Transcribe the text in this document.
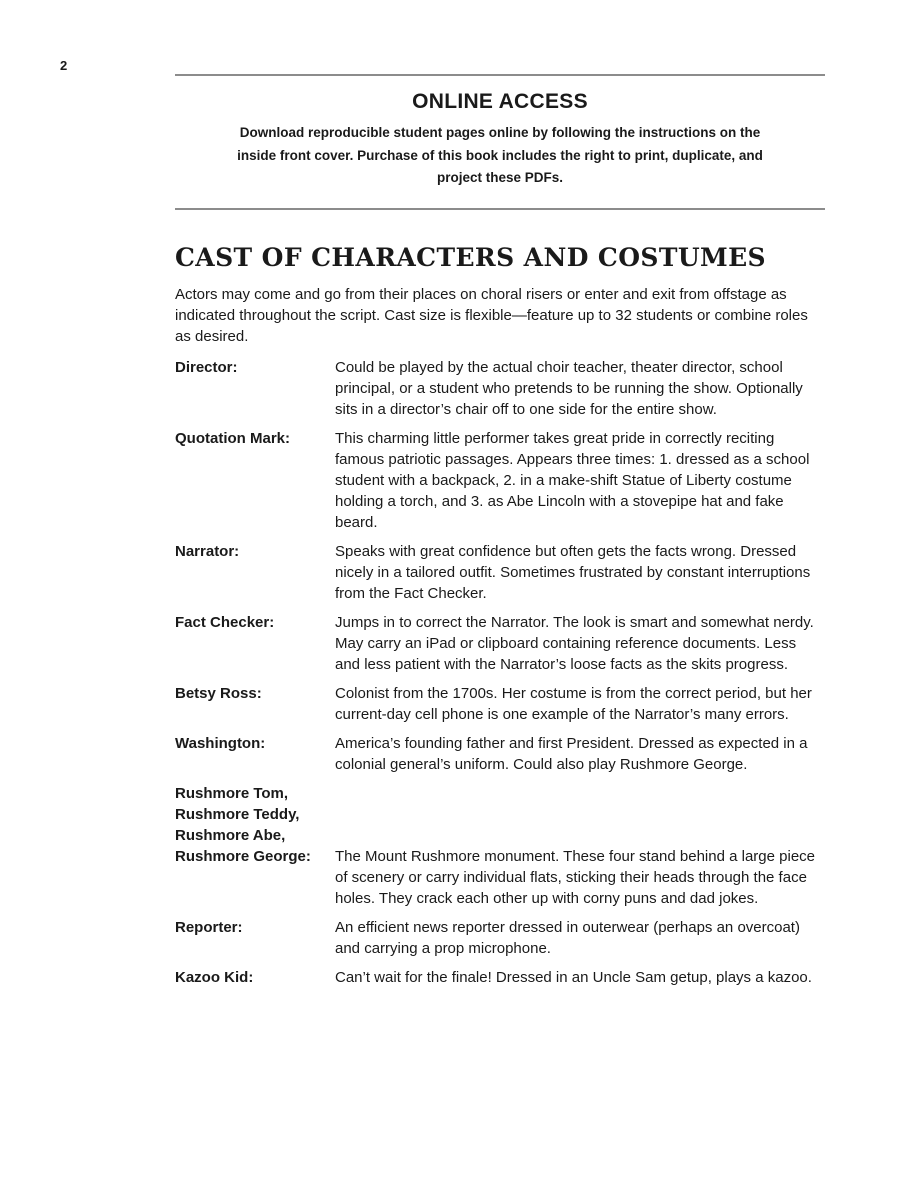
2
ONLINE ACCESS
Download reproducible student pages online by following the instructions on the inside front cover. Purchase of this book includes the right to print, duplicate, and project these PDFs.
CAST OF CHARACTERS AND COSTUMES

Actors may come and go from their places on choral risers or enter and exit from offstage as indicated throughout the script. Cast size is flexible—feature up to 32 students or combine roles as desired.

Director:	Could be played by the actual choir teacher, theater director, school principal, or a student who pretends to be running the show. Optionally sits in a director’s chair off to one side for the entire show.
Quotation Mark:	This charming little performer takes great pride in correctly reciting famous patriotic passages. Appears three times: 1. dressed as a school student with a backpack, 2. in a make-shift Statue of Liberty costume holding a torch, and 3. as Abe Lincoln with a stovepipe hat and fake beard.
Narrator:	Speaks with great confidence but often gets the facts wrong. Dressed nicely in a tailored outfit. Sometimes frustrated by constant interruptions from the Fact Checker.
Fact Checker:	Jumps in to correct the Narrator. The look is smart and somewhat nerdy. May carry an iPad or clipboard containing reference documents. Less and less patient with the Narrator’s loose facts as the skits progress.
Betsy Ross:	Colonist from the 1700s. Her costume is from the correct period, but her current-day cell phone is one example of the Narrator’s many errors.
Washington:	America’s founding father and first President. Dressed as expected in a colonial general’s uniform. Could also play Rushmore George.
Rushmore Tom,
Rushmore Teddy,
Rushmore Abe,
Rushmore George:	The Mount Rushmore monument. These four stand behind a large piece of scenery or carry individual flats, sticking their heads through the face holes. They crack each other up with corny puns and dad jokes.
Reporter:	An efficient news reporter dressed in outerwear (perhaps an overcoat) and carrying a prop microphone.
Kazoo Kid:	Can’t wait for the finale! Dressed in an Uncle Sam getup, plays a kazoo.
